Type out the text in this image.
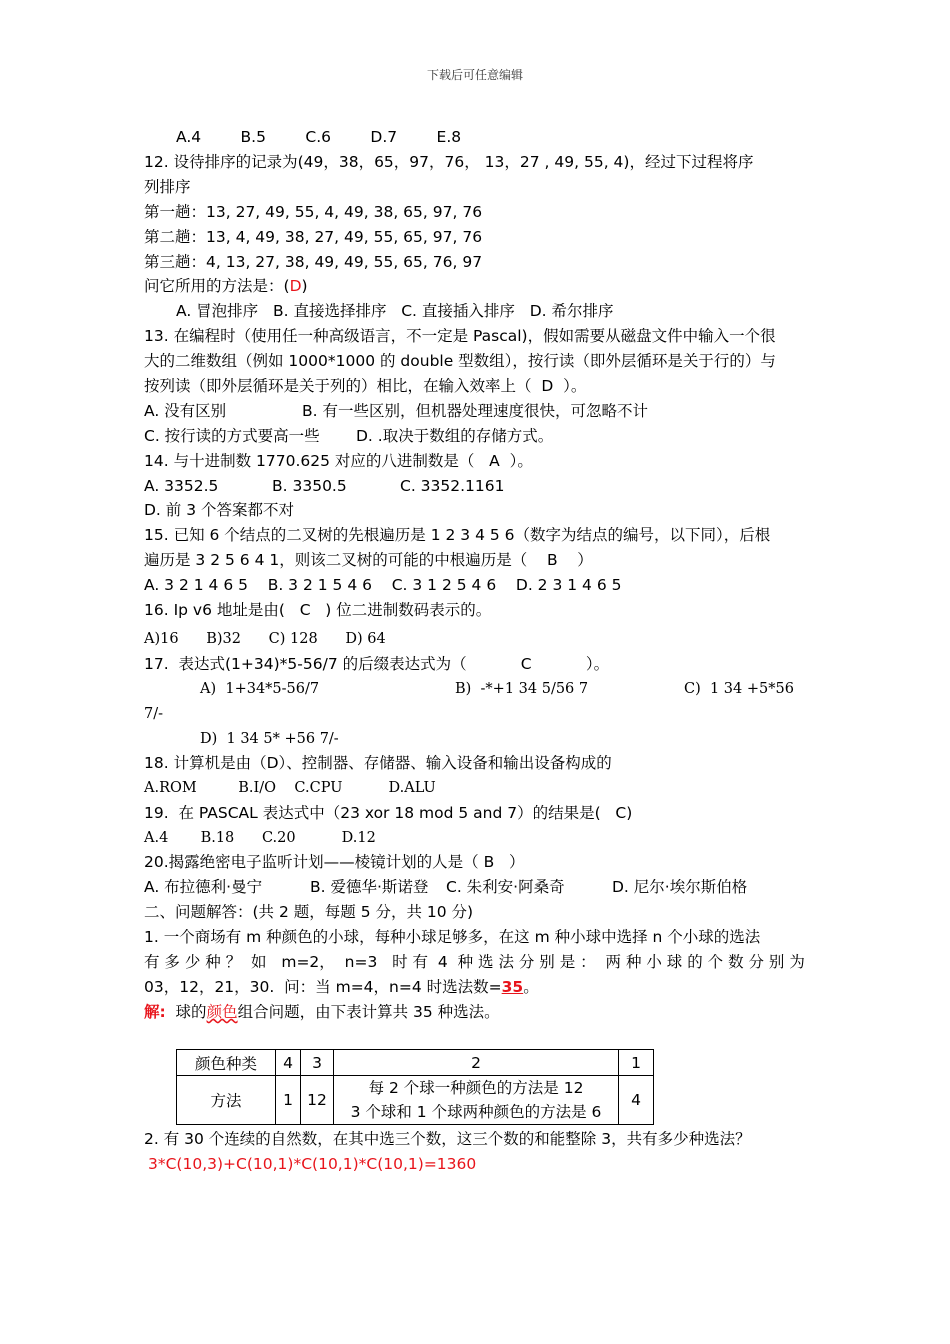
下载后可任意编辑
A.4        B.5        C.6        D.7        E.8
12. 设待排序的记录为(49，38，65，97，76， 13，27 , 49, 55, 4)，经过下过程将序
列排序
第一趟：13, 27, 49, 55, 4, 49, 38, 65, 97, 76
第二趟：13, 4, 49, 38, 27, 49, 55, 65, 97, 76
第三趟：4, 13, 27, 38, 49, 49, 55, 65, 76, 97
问它所用的方法是：(D)
A. 冒泡排序   B. 直接选择排序   C. 直接插入排序   D. 希尔排序
13. 在编程时（使用任一种高级语言，不一定是 Pascal)，假如需要从磁盘文件中输入一个很
大的二维数组（例如 1000*1000 的 double 型数组），按行读（即外层循环是关于行的）与
按列读（即外层循环是关于列的）相比，在输入效率上（  D  ）。
A. 没有区别	B. 有一些区别，但机器处理速度很快，可忽略不计
C. 按行读的方式要高一些 D. .取决于数组的存储方式。
14. 与十进制数 1770.625 对应的八进制数是（   A  ）。
A. 3352.5	B. 3350.5	C. 3352.1161
D. 前 3 个答案都不对
15. 已知 6 个结点的二叉树的先根遍历是 1 2 3 4 5 6（数字为结点的编号，以下同），后根
遍历是 3 2 5 6 4 1，则该二叉树的可能的中根遍历是（    B    ）
A. 3 2 1 4 6 5    B. 3 2 1 5 4 6    C. 3 1 2 5 4 6    D. 2 3 1 4 6 5
16. Ip v6 地址是由(   C   ) 位二进制数码表示的。
A)16      B)32      C) 128      D) 64
17.  表达式(1+34)*5-56/7 的后缀表达式为（           C           ）。
A)  1+34*5-56/7	B)  -*+1 34 5/56 7	C)  1 34 +5*56
7/-
D)  1 34 5* +56 7/-
18. 计算机是由（D）、控制器、存储器、输入设备和输出设备构成的
A.ROM         B.I/O    C.CPU          D.ALU
19.  在 PASCAL 表达式中（23 xor 18 mod 5 and 7）的结果是(   C)
A.4       B.18      C.20          D.12
20.揭露绝密电子监听计划——棱镜计划的人是（ B   ）
A. 布拉德利·曼宁	B. 爱德华·斯诺登 C. 朱利安·阿桑奇	D. 尼尔·埃尔斯伯格
二、问题解答：(共 2 题，每题 5 分，共 10 分)
1. 一个商场有 m 种颜色的小球，每种小球足够多，在这 m 种小球中选择 n 个小球的选法
有 多 少 种 ？  如   m=2，  n=3   时 有  4  种 选 法 分 别 是 ：  两 种 小 球 的 个 数 分 别 为
03，12，21，30.  问：当 m=4，n=4 时选法数=35。
解:  球的颜色组合问题，由下表计算共 35 种选法。
颜色种类	4	3	2	1
方法	1	12	每 2 个球一种颜色的方法是 12
3 个球和 1 个球两种颜色的方法是 6	4
2. 有 30 个连续的自然数，在其中选三个数，这三个数的和能整除 3，共有多少种选法？
3*C(10,3)+C(10,1)*C(10,1)*C(10,1)=1360
